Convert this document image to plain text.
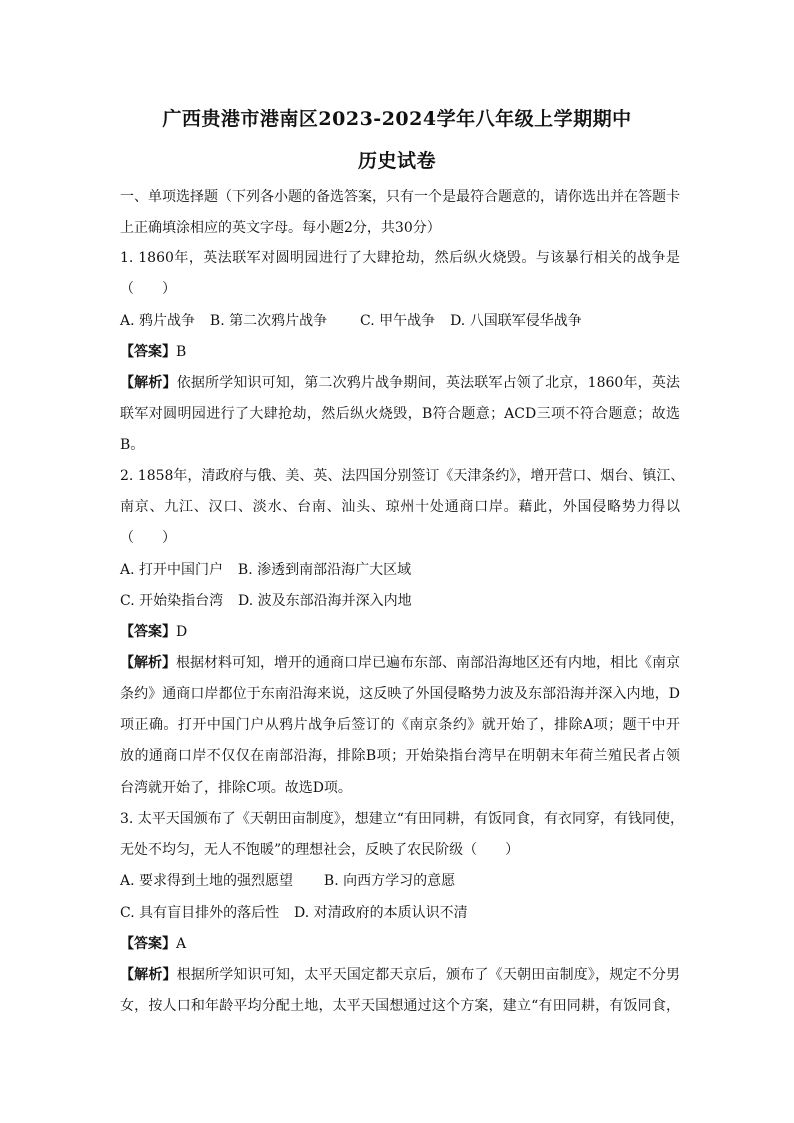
广西贵港市港南区2023-2024学年八年级上学期期中
历史试卷
一、单项选择题（下列各小题的备选答案，只有一个是最符合题意的，请你选出并在答题卡
上正确填涂相应的英文字母。每小题2分，共30分）
1. 1860年，英法联军对圆明园进行了大肆抢劫，然后纵火烧毁。与该暴行相关的战争是
（　　）
A. 鸦片战争 B. 第二次鸦片战争 C. 甲午战争 D. 八国联军侵华战争
【答案】B
【解析】依据所学知识可知，第二次鸦片战争期间，英法联军占领了北京，1860年，英法
联军对圆明园进行了大肆抢劫，然后纵火烧毁，B符合题意；ACD三项不符合题意；故选
B。
2. 1858年，清政府与俄、美、英、法四国分别签订《天津条约》，增开营口、烟台、镇江、
南京、九江、汉口、淡水、台南、汕头、琼州十处通商口岸。藉此，外国侵略势力得以
（　　）
A. 打开中国门户 B. 渗透到南部沿海广大区域
C. 开始染指台湾 D. 波及东部沿海并深入内地
【答案】D
【解析】根据材料可知，增开的通商口岸已遍布东部、南部沿海地区还有内地，相比《南京
条约》通商口岸都位于东南沿海来说，这反映了外国侵略势力波及东部沿海并深入内地，D
项正确。打开中国门户从鸦片战争后签订的《南京条约》就开始了，排除A项；题干中开
放的通商口岸不仅仅在南部沿海，排除B项；开始染指台湾早在明朝末年荷兰殖民者占领
台湾就开始了，排除C项。故选D项。
3. 太平天国颁布了《天朝田亩制度》，想建立“有田同耕，有饭同食，有衣同穿，有钱同使，
无处不均匀，无人不饱暖”的理想社会，反映了农民阶级（　　）
A. 要求得到土地的强烈愿望 B. 向西方学习的意愿
C. 具有盲目排外的落后性 D. 对清政府的本质认识不清
【答案】A
【解析】根据所学知识可知，太平天国定都天京后，颁布了《天朝田亩制度》，规定不分男
女，按人口和年龄平均分配土地，太平天国想通过这个方案，建立“有田同耕，有饭同食，
